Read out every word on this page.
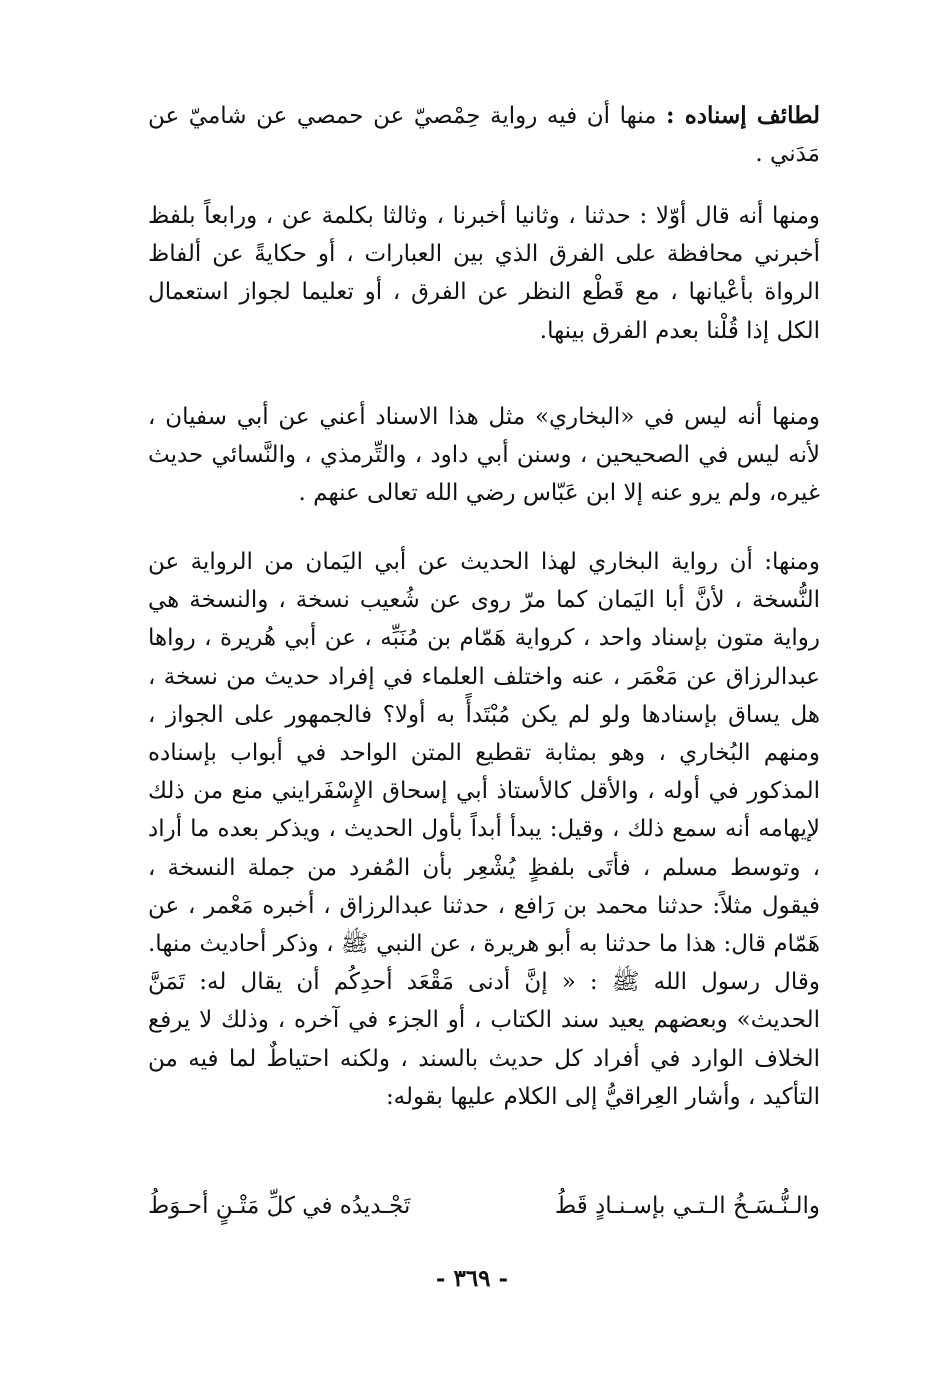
لطائف إسناده : منها أن فيه رواية حِمْصيّ عن حمصي عن شاميّ عن مَدَني .

ومنها أنه قال أوّلا : حدثنا ، وثانيا أخبرنا ، وثالثا بكلمة عن ، ورابعاً بلفظ أخبرني محافظة على الفرق الذي بين العبارات ، أو حكايةً عن ألفاظ الرواة بأعْيانها ، مع قَطْع النظر عن الفرق ، أو تعليما لجواز استعمال الكل إذا قُلْنا بعدم الفرق بينها.

ومنها أنه ليس في «البخاري» مثل هذا الاسناد أعني عن أبي سفيان ، لأنه ليس في الصحيحين ، وسنن أبي داود ، والتِّرمذي ، والنَّسائي حديث غيره، ولم يرو عنه إلا ابن عَبّاس رضي الله تعالى عنهم .

ومنها: أن رواية البخاري لهذا الحديث عن أبي اليَمان من الرواية عن النُّسخة ، لأنَّ أبا اليَمان كما مرّ روى عن شُعيب نسخة ، والنسخة هي رواية متون بإسناد واحد ، كرواية هَمّام بن مُنَبِّه ، عن أبي هُريرة ، رواها عبدالرزاق عن مَعْمَر ، عنه واختلف العلماء في إفراد حديث من نسخة ، هل يساق بإسنادها ولو لم يكن مُبْتَدأً به أولا؟ فالجمهور على الجواز ، ومنهم البُخاري ، وهو بمثابة تقطيع المتن الواحد في أبواب بإسناده المذكور في أوله ، والأقل كالأستاذ أبي إسحاق الإِسْفَرايني منع من ذلك لإيهامه أنه سمع ذلك ، وقيل: يبدأ أبداً بأول الحديث ، ويذكر بعده ما أراد ، وتوسط مسلم ، فأتَى بلفظٍ يُشْعِر بأن المُفرد من جملة النسخة ، فيقول مثلاً: حدثنا محمد بن رَافع ، حدثنا عبدالرزاق ، أخبره مَعْمر ، عن هَمّام قال: هذا ما حدثنا به أبو هريرة ، عن النبي ﷺ ، وذكر أحاديث منها. وقال رسول الله ﷺ : « إنَّ أدنى مَقْعَد أحدِكُم أن يقال له: تَمَنَّ الحديث» وبعضهم يعيد سند الكتاب ، أو الجزء في آخره ، وذلك لا يرفع الخلاف الوارد في أفراد كل حديث بالسند ، ولكنه احتياطٌ لما فيه من التأكيد ، وأشار العِراقيُّ إلى الكلام عليها بقوله:

والـنُّـسَـخُ الـتـي بإسـنـادٍ قَطُ
تَجْـديدُه في كلِّ مَتْـنٍ أحـوَطُ
- ٣٦٩ -
